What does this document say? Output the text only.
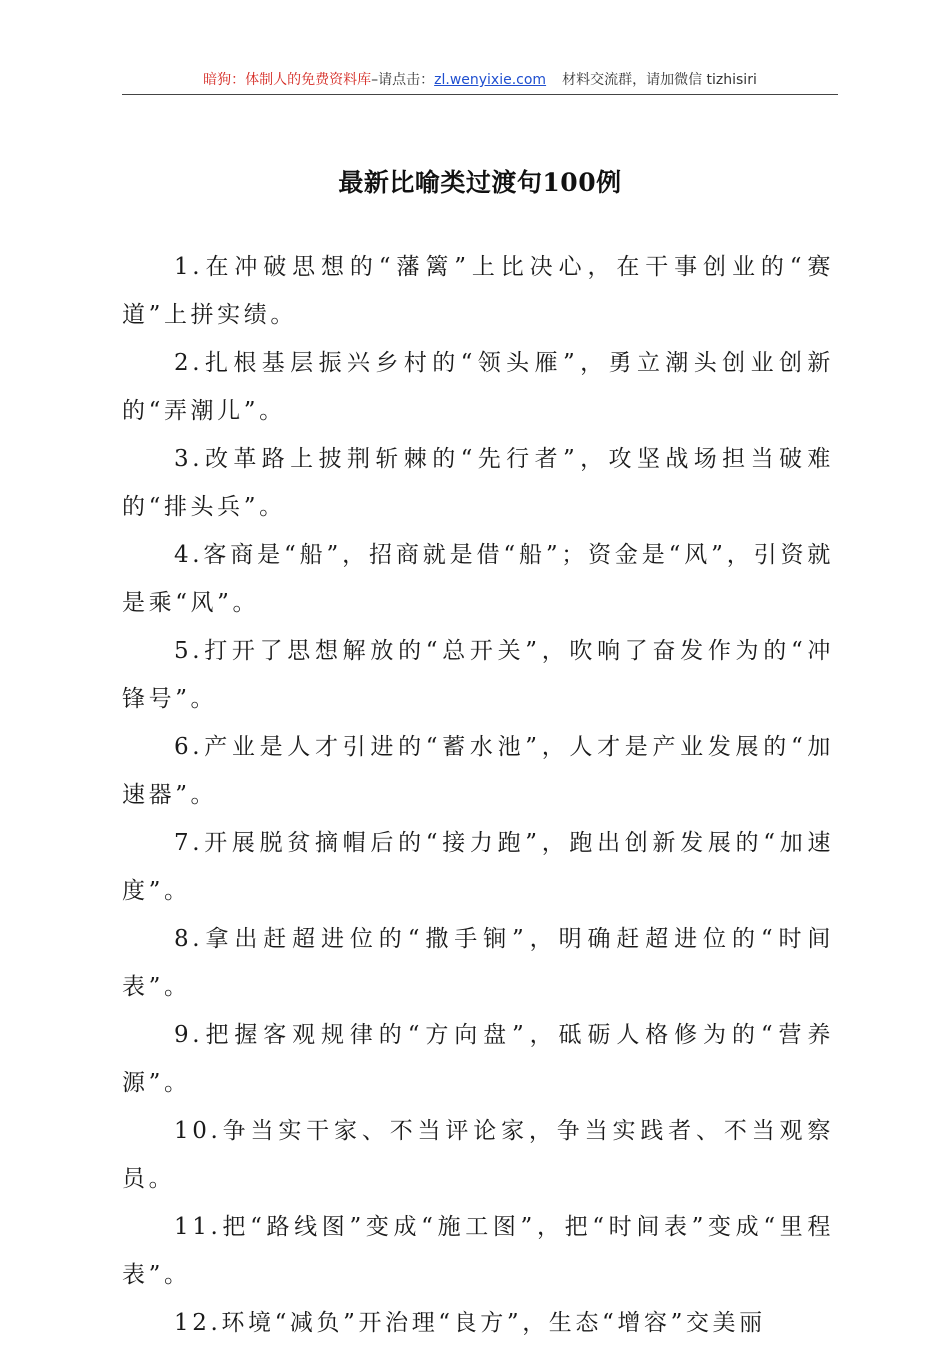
暗狗：体制人的免费资料库–请点击：zl.wenyixie.com 材料交流群，请加微信 tizhisiri
最新比喻类过渡句100例

1.在冲破思想的“藩篱”上比决心，在干事创业的“赛道”上拼实绩。

2.扎根基层振兴乡村的“领头雁”，勇立潮头创业创新的“弄潮儿”。

3.改革路上披荆斩棘的“先行者”，攻坚战场担当破难的“排头兵”。

4.客商是“船”，招商就是借“船”；资金是“风”，引资就是乘“风”。

5.打开了思想解放的“总开关”，吹响了奋发作为的“冲锋号”。

6.产业是人才引进的“蓄水池”，人才是产业发展的“加速器”。

7.开展脱贫摘帽后的“接力跑”，跑出创新发展的“加速度”。

8.拿出赶超进位的“撒手锏”，明确赶超进位的“时间表”。

9.把握客观规律的“方向盘”，砥砺人格修为的“营养源”。

10.争当实干家、不当评论家，争当实践者、不当观察员。

11.把“路线图”变成“施工图”，把“时间表”变成“里程表”。

12.环境“减负”开治理“良方”，生态“增容”交美丽
